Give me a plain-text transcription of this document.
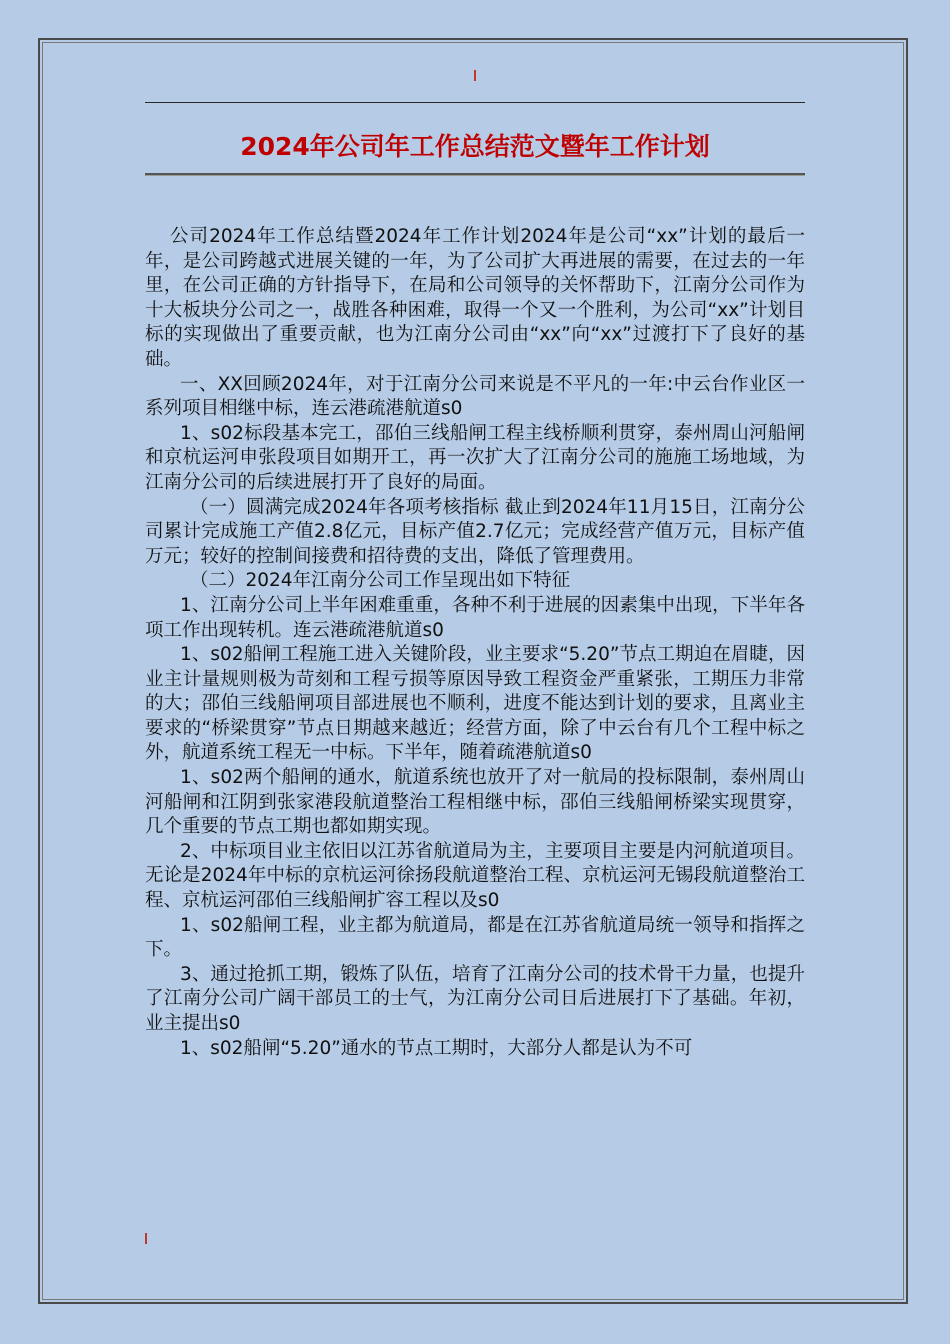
2024年公司年工作总结范文暨年工作计划

公司2024年工作总结暨2024年工作计划2024年是公司“xx”计划的最后一年，是公司跨越式进展关键的一年，为了公司扩大再进展的需要，在过去的一年里，在公司正确的方针指导下，在局和公司领导的关怀帮助下，江南分公司作为十大板块分公司之一，战胜各种困难，取得一个又一个胜利，为公司“xx”计划目标的实现做出了重要贡献，也为江南分公司由“xx”向“xx”过渡打下了良好的基础。

一、XX回顾2024年，对于江南分公司来说是不平凡的一年:中云台作业区一系列项目相继中标，连云港疏港航道s0

1、s02标段基本完工，邵伯三线船闸工程主线桥顺利贯穿，泰州周山河船闸和京杭运河申张段项目如期开工，再一次扩大了江南分公司的施施工场地域，为江南分公司的后续进展打开了良好的局面。

（一）圆满完成2024年各项考核指标 截止到2024年11月15日，江南分公司累计完成施工产值2.8亿元，目标产值2.7亿元；完成经营产值万元，目标产值 万元；较好的控制间接费和招待费的支出，降低了管理费用。

（二）2024年江南分公司工作呈现出如下特征

1、江南分公司上半年困难重重，各种不利于进展的因素集中出现，下半年各项工作出现转机。连云港疏港航道s0

1、s02船闸工程施工进入关键阶段，业主要求“5.20”节点工期迫在眉睫，因业主计量规则极为苛刻和工程亏损等原因导致工程资金严重紧张，工期压力非常的大；邵伯三线船闸项目部进展也不顺利，进度不能达到计划的要求，且离业主要求的“桥梁贯穿”节点日期越来越近；经营方面，除了中云台有几个工程中标之外，航道系统工程无一中标。下半年，随着疏港航道s0

1、s02两个船闸的通水，航道系统也放开了对一航局的投标限制，泰州周山河船闸和江阴到张家港段航道整治工程相继中标，邵伯三线船闸桥梁实现贯穿，几个重要的节点工期也都如期实现。

2、中标项目业主依旧以江苏省航道局为主，主要项目主要是内河航道项目。无论是2024年中标的京杭运河徐扬段航道整治工程、京杭运河无锡段航道整治工程、京杭运河邵伯三线船闸扩容工程以及s0

1、s02船闸工程，业主都为航道局，都是在江苏省航道局统一领导和指挥之下。

3、通过抢抓工期，锻炼了队伍，培育了江南分公司的技术骨干力量，也提升了江南分公司广阔干部员工的士气，为江南分公司日后进展打下了基础。年初，业主提出s0

1、s02船闸“5.20”通水的节点工期时，大部分人都是认为不可
